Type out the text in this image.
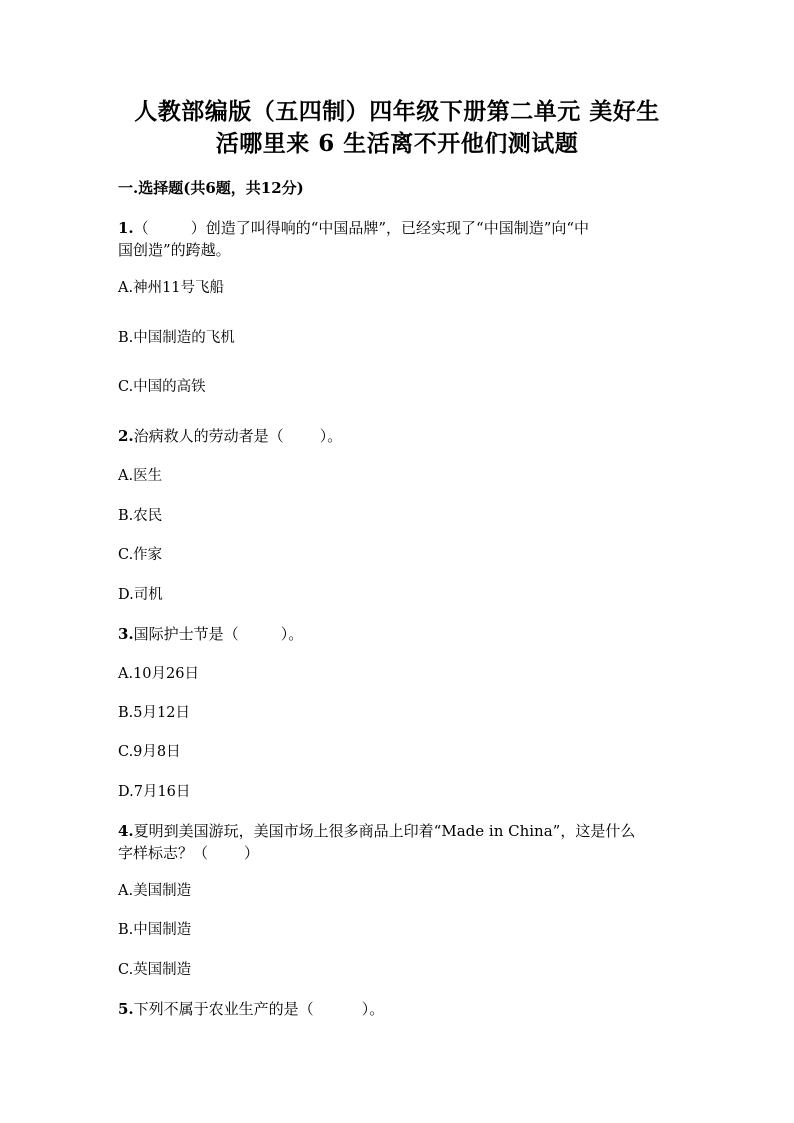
人教部编版（五四制）四年级下册第二单元 美好生
活哪里来 6 生活离不开他们测试题
一.选择题(共6题，共12分)
1.（	）创造了叫得响的“中国品牌”，已经实现了“中国制造”向“中
国创造”的跨越。
A.神州11号飞船
B.中国制造的飞机
C.中国的高铁
2.治病救人的劳动者是（ ）。
A.医生
B.农民
C.作家
D.司机
3.国际护士节是（	）。
A.10月26日
B.5月12日
C.9月8日
D.7月16日
4.夏明到美国游玩，美国市场上很多商品上印着“Made in China”，这是什么
字样标志？（ ）
A.美国制造
B.中国制造
C.英国制造
5.下列不属于农业生产的是（	）。
